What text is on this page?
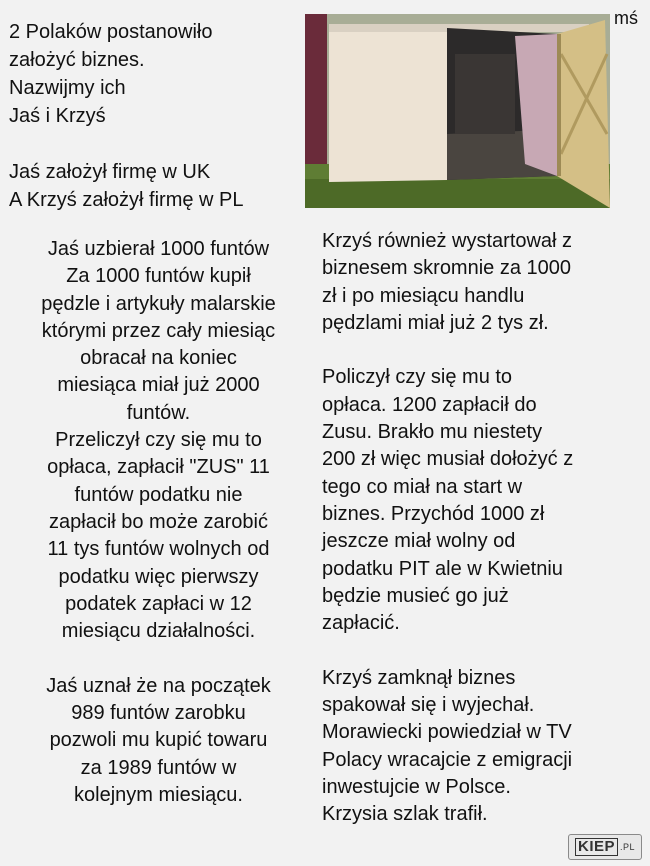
2 Polaków postanowiło
założyć biznes.
Nazwijmy ich
Jaś i Krzyś
Jaś założył firmę w UK
A Krzyś założył firmę w PL
mś
Jaś uzbierał 1000 funtów
Za 1000 funtów kupił
pędzle i artykuły malarskie
którymi przez cały miesiąc
obracał na koniec
miesiąca miał już 2000
funtów.
Przeliczył czy się mu to
opłaca, zapłacił "ZUS" 11
funtów podatku nie
zapłacił bo może zarobić
11 tys funtów wolnych od
podatku więc pierwszy
podatek zapłaci w 12
miesiącu działalności.
Jaś uznał że na początek
989 funtów zarobku
pozwoli mu kupić towaru
za 1989 funtów w
kolejnym miesiącu.
Krzyś również wystartował z
biznesem skromnie za 1000
zł i po miesiącu handlu
pędzlami miał już 2 tys zł.
Policzył czy się mu to
opłaca. 1200 zapłacił do
Zusu. Brakło mu niestety
200 zł więc musiał dołożyć z
tego co miał na start w
biznes. Przychód 1000 zł
jeszcze miał wolny od
podatku PIT ale w Kwietniu
będzie musieć go już
zapłacić.
Krzyś zamknął biznes
spakował się i wyjechał.
Morawiecki powiedział w TV
Polacy wracajcie z emigracji
inwestujcie w Polsce.
Krzysia szlak trafił.
KIEP .PL
